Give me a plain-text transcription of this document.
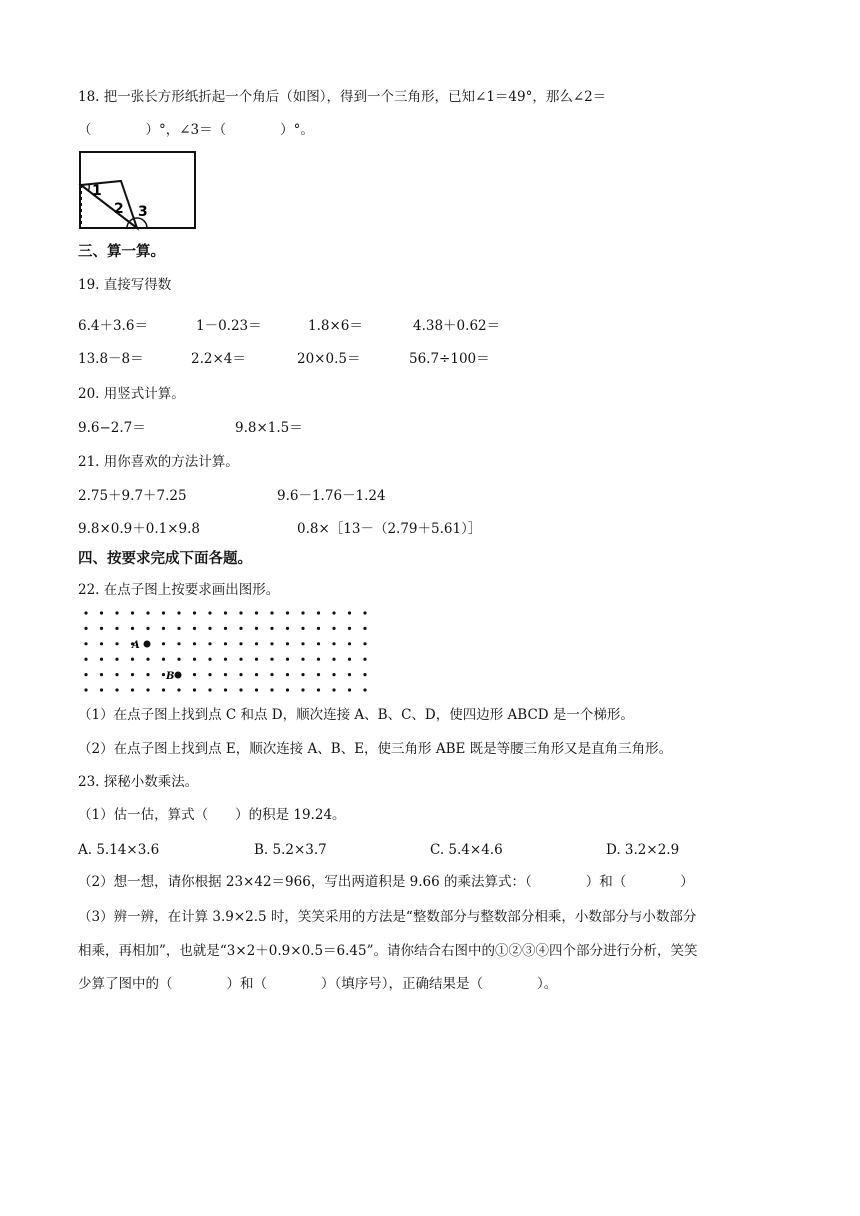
18. 把一张长方形纸折起一个角后（如图），得到一个三角形，已知∠1＝49°，那么∠2＝
（　　　　）°，∠3＝（　　　　）°。
1
2 3
三、算一算。
19. 直接写得数
6.4＋3.6＝	1－0.23＝	1.8×6＝	4.38＋0.62＝
13.8－8＝	2.2×4＝	20×0.5＝	56.7÷100＝
20. 用竖式计算。
9.6−2.7＝	9.8×1.5＝
21. 用你喜欢的方法计算。
2.75＋9.7＋7.25	9.6－1.76－1.24
9.8×0.9＋0.1×9.8	0.8×［13－（2.79＋5.61）］
四、按要求完成下面各题。
22. 在点子图上按要求画出图形。
A
B
（1）在点子图上找到点 C 和点 D，顺次连接 A、B、C、D，使四边形 ABCD 是一个梯形。
（2）在点子图上找到点 E，顺次连接 A、B、E，使三角形 ABE 既是等腰三角形又是直角三角形。
23. 探秘小数乘法。
（1）估一估，算式（　　）的积是 19.24。
A. 5.14×3.6	B. 5.2×3.7	C. 5.4×4.6	D. 3.2×2.9
（2）想一想，请你根据 23×42＝966，写出两道积是 9.66 的乘法算式：（　　　　）和（　　　　）
（3）辨一辨，在计算 3.9×2.5 时，笑笑采用的方法是“整数部分与整数部分相乘，小数部分与小数部分
相乘，再相加”，也就是“3×2＋0.9×0.5＝6.45”。请你结合右图中的①②③④四个部分进行分析，笑笑
少算了图中的（　　　　）和（　　　　）（填序号），正确结果是（　　　　）。
